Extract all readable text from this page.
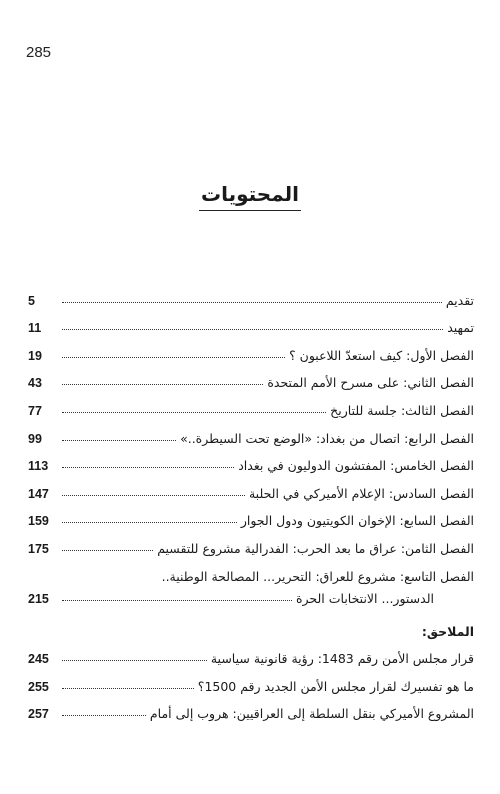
285
المحتويات
تقديم
5
تمهيد
11
الفصل الأول: كيف استعدّ اللاعبون ؟
19
الفصل الثاني: على مسرح الأمم المتحدة
43
الفصل الثالث: جلسة للتاريخ
77
الفصل الرابع: اتصال من بغداد: «الوضع تحت السيطرة..»
99
الفصل الخامس: المفتشون الدوليون في بغداد
113
الفصل السادس: الإعلام الأميركي في الحلبة
147
الفصل السابع: الإخوان الكويتيون ودول الجوار
159
الفصل الثامن: عراق ما بعد الحرب: الفدرالية مشروع للتقسيم
175
الفصل التاسع: مشروع للعراق: التحرير... المصالحة الوطنية..
الدستور... الانتخابات الحرة
215
الملاحق:
قرار مجلس الأمن رقم 1483: رؤية قانونية سياسية
245
ما هو تفسيرك لقرار مجلس الأمن الجديد رقم 1500؟
255
المشروع الأميركي بنقل السلطة إلى العراقيين: هروب إلى أمام
257
